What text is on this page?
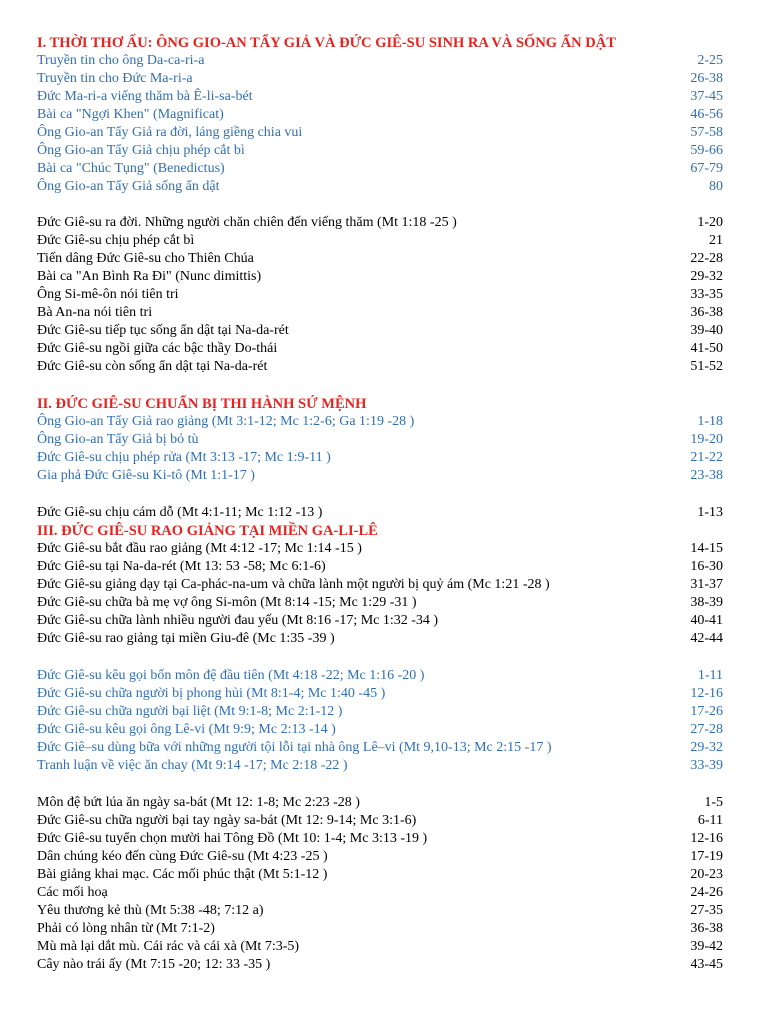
I. THỜI THƠ ẤU: ÔNG GIO-AN TẨY GIẢ VÀ ĐỨC GIÊ-SU SINH RA VÀ SỐNG ẨN DẬT
Truyền tin cho ông Da-ca-ri-a	2-25
Truyền tin cho Đức Ma-ri-a	26-38
Đức Ma-ri-a viếng thăm bà Ê-li-sa-bét	37-45
Bài ca "Ngợi Khen" (Magnificat)	46-56
Ông Gio-an Tẩy Giả ra đời, láng giềng chia vui	57-58
Ông Gio-an Tẩy Giả chịu phép cắt bì	59-66
Bài ca "Chúc Tụng" (Benedictus)	67-79
Ông Gio-an Tẩy Giả sống ẩn dật	80
Đức Giê-su ra đời. Những người chăn chiên đến viếng thăm (Mt 1:18 -25 )	1-20
Đức Giê-su chịu phép cắt bì	21
Tiến dâng Đức Giê-su cho Thiên Chúa	22-28
Bài ca "An Bình Ra Đi" (Nunc dimittis)	29-32
Ông Si-mê-ôn nói tiên tri	33-35
Bà An-na nói tiên tri	36-38
Đức Giê-su tiếp tục sống ẩn dật tại Na-da-rét	39-40
Đức Giê-su ngồi giữa các bậc thầy Do-thái	41-50
Đức Giê-su còn sống ẩn dật tại Na-da-rét	51-52
II. ĐỨC GIÊ-SU CHUẨN BỊ THI HÀNH SỨ MỆNH
Ông Gio-an Tẩy Giả rao giảng (Mt 3:1-12; Mc 1:2-6; Ga 1:19 -28 )	1-18
Ông Gio-an Tẩy Giả bị bỏ tù	19-20
Đức Giê-su chịu phép rửa (Mt 3:13 -17; Mc 1:9-11 )	21-22
Gia phả Đức Giê-su Ki-tô (Mt 1:1-17 )	23-38
Đức Giê-su chịu cám dỗ (Mt 4:1-11; Mc 1:12 -13 )	1-13
III. ĐỨC GIÊ-SU RAO GIẢNG TẠI MIỀN GA-LI-LÊ
Đức Giê-su bắt đầu rao giảng (Mt 4:12 -17; Mc 1:14 -15 )	14-15
Đức Giê-su tại Na-da-rét (Mt 13: 53 -58; Mc 6:1-6)	16-30
Đức Giê-su giảng dạy tại Ca-phác-na-um và chữa lành một người bị quỷ ám (Mc 1:21 -28 )	31-37
Đức Giê-su chữa bà mẹ vợ ông Si-môn (Mt 8:14 -15; Mc 1:29 -31 )	38-39
Đức Giê-su chữa lành nhiều người đau yếu (Mt 8:16 -17; Mc 1:32 -34 )	40-41
Đức Giê-su rao giảng tại miền Giu-đê (Mc 1:35 -39 )	42-44
Đức Giê-su kêu gọi bốn môn đệ đầu tiên (Mt 4:18 -22; Mc 1:16 -20 )	1-11
Đức Giê-su chữa người bị phong hủi (Mt 8:1-4; Mc 1:40 -45 )	12-16
Đức Giê-su chữa người bại liệt (Mt 9:1-8; Mc 2:1-12 )	17-26
Đức Giê-su kêu gọi ông Lê-vi (Mt 9:9; Mc 2:13 -14 )	27-28
Đức Giê–su dùng bữa với những người tội lỗi tại nhà ông Lê–vi (Mt 9,10-13; Mc 2:15 -17 )	29-32
Tranh luận về việc ăn chay (Mt 9:14 -17; Mc 2:18 -22 )	33-39
Môn đệ bứt lúa ăn ngày sa-bát (Mt 12: 1-8; Mc 2:23 -28 )	1-5
Đức Giê-su chữa người bại tay ngày sa-bát (Mt 12: 9-14; Mc 3:1-6)	6-11
Đức Giê-su tuyển chọn mười hai Tông Đồ (Mt 10: 1-4; Mc 3:13 -19 )	12-16
Dân chúng kéo đến cùng Đức Giê-su (Mt 4:23 -25 )	17-19
Bài giảng khai mạc. Các mối phúc thật (Mt 5:1-12 )	20-23
Các mối hoạ	24-26
Yêu thương kẻ thù (Mt 5:38 -48; 7:12 a)	27-35
Phải có lòng nhân từ (Mt 7:1-2)	36-38
Mù mà lại dắt mù. Cái rác và cái xà (Mt 7:3-5)	39-42
Cây nào trái ấy (Mt 7:15 -20; 12: 33 -35 )	43-45
